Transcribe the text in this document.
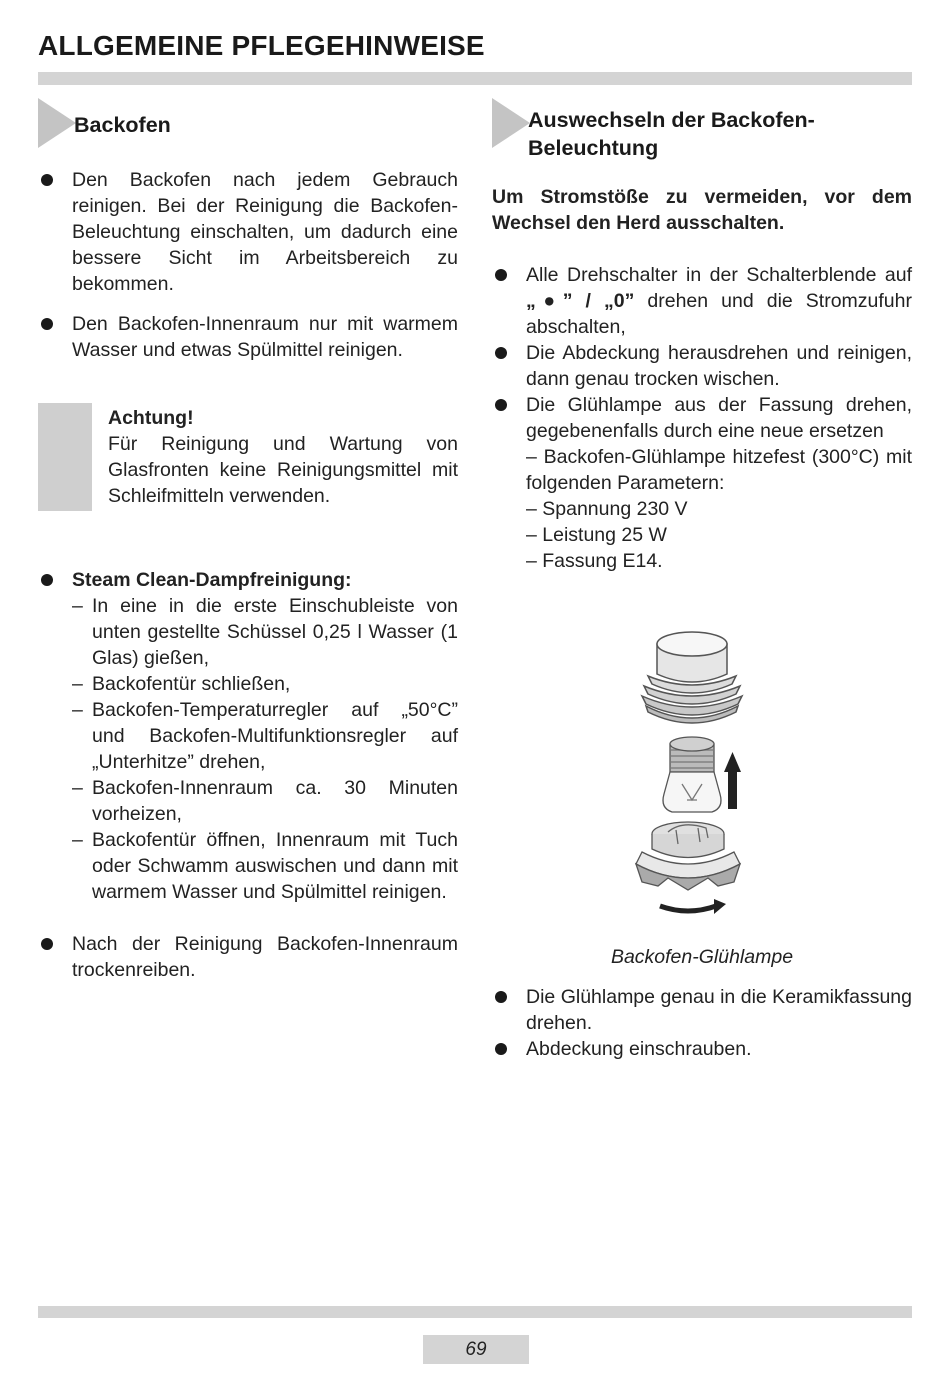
ALLGEMEINE PFLEGEHINWEISE
Backofen
Den Backofen nach jedem Gebrauch reinigen. Bei der Reinigung die Backofen-Beleuchtung einschalten, um dadurch eine bessere Sicht im Arbeitsbereich zu bekommen.
Den Backofen-Innenraum nur mit warmem Wasser und etwas Spülmittel reinigen.
Achtung!
Für Reinigung und Wartung von Glasfronten keine Reinigungsmittel mit Schleifmitteln verwenden.
Steam Clean-Dampfreinigung:
– In eine in die erste Einschubleiste von unten gestellte Schüssel 0,25 l Wasser (1 Glas) gießen,
– Backofentür schließen,
– Backofen-Temperaturregler auf „50°C” und Backofen-Multifunktionsregler auf „Unterhitze” drehen,
– Backofen-Innenraum ca. 30 Minuten vorheizen,
– Backofentür öffnen, Innenraum mit Tuch oder Schwamm auswischen und dann mit warmem Wasser und Spülmittel reinigen.
Nach der Reinigung Backofen-Innenraum trockenreiben.
Auswechseln der Backofen-
Beleuchtung
Um Stromstöße zu vermeiden, vor dem Wechsel den Herd ausschalten.
Alle Drehschalter in der Schalterblende auf „●” / „0” drehen und die Stromzufuhr abschalten,
Die Abdeckung herausdrehen und reinigen, dann genau trocken wischen.
Die Glühlampe aus der Fassung drehen, gegebenenfalls durch eine neue ersetzen
– Backofen-Glühlampe hitzefest (300°C) mit folgenden Parametern:
– Spannung 230 V
– Leistung 25 W
– Fassung E14.
Backofen-Glühlampe
Die Glühlampe genau in die Keramikfassung drehen.
Abdeckung einschrauben.
69
